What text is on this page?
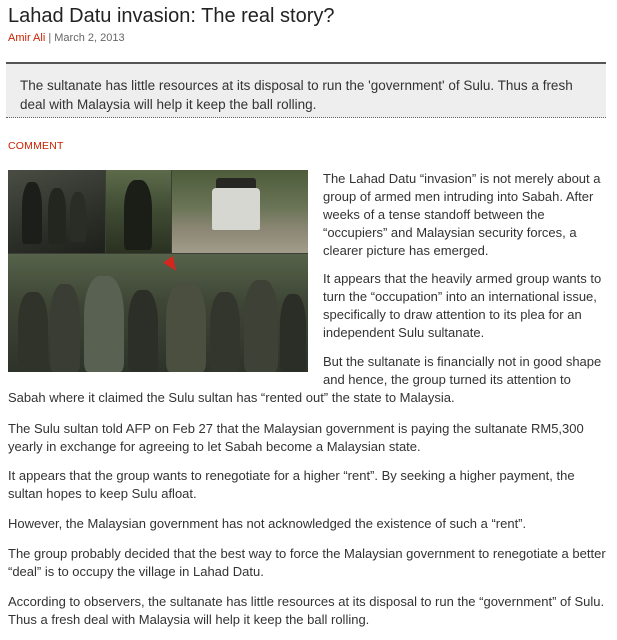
Lahad Datu invasion: The real story?
Amir Ali | March 2, 2013
The sultanate has little resources at its disposal to run the 'government' of Sulu. Thus a fresh deal with Malaysia will help it keep the ball rolling.
COMMENT

The Lahad Datu “invasion” is not merely about a group of armed men intruding into Sabah. After weeks of a tense standoff between the “occupiers” and Malaysian security forces, a clearer picture has emerged.

It appears that the heavily armed group wants to turn the “occupation” into an international issue, specifically to draw attention to its plea for an independent Sulu sultanate.

But the sultanate is financially not in good shape and hence, the group turned its attention to

Sabah where it claimed the Sulu sultan has “rented out” the state to Malaysia.

The Sulu sultan told AFP on Feb 27 that the Malaysian government is paying the sultanate RM5,300 yearly in exchange for agreeing to let Sabah become a Malaysian state.

It appears that the group wants to renegotiate for a higher “rent”. By seeking a higher payment, the sultan hopes to keep Sulu afloat.

However, the Malaysian government has not acknowledged the existence of such a “rent”.

The group probably decided that the best way to force the Malaysian government to renegotiate a better “deal” is to occupy the village in Lahad Datu.

According to observers, the sultanate has little resources at its disposal to run the “government” of Sulu. Thus a fresh deal with Malaysia will help it keep the ball rolling.
